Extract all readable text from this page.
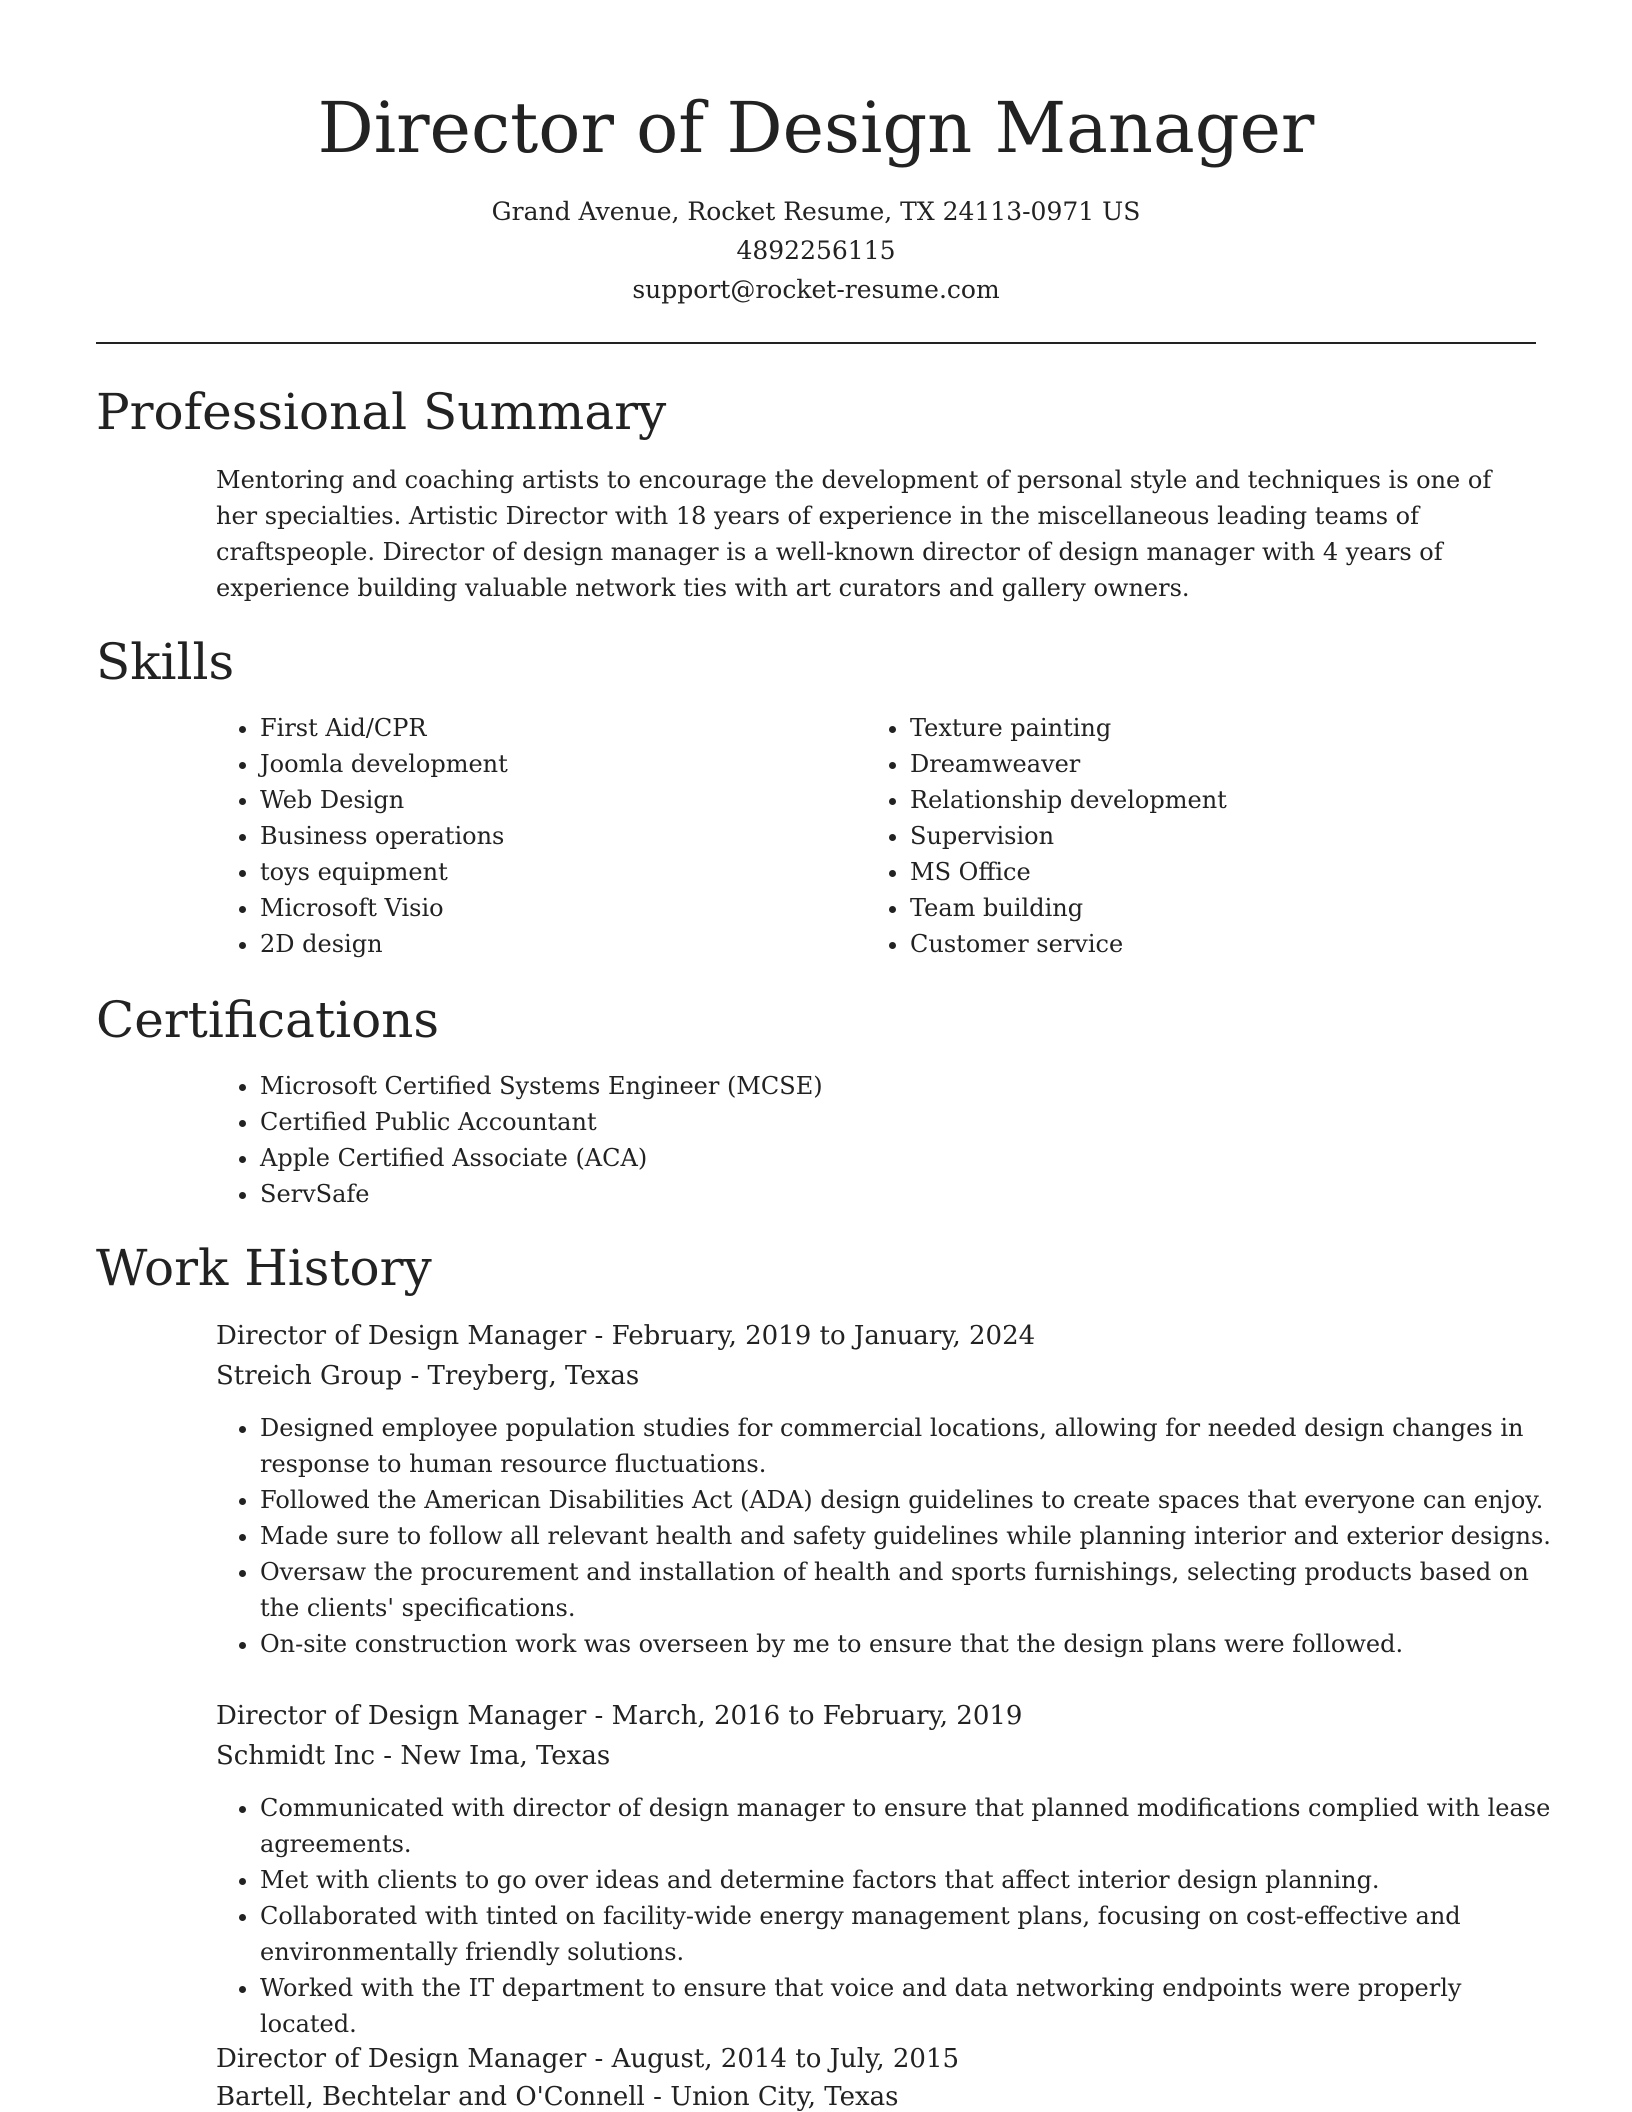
Director of Design Manager
Grand Avenue, Rocket Resume, TX 24113-0971 US
4892256115
support@rocket-resume.com
Professional Summary

Mentoring and coaching artists to encourage the development of personal style and techniques is one of her specialties. Artistic Director with 18 years of experience in the miscellaneous leading teams of craftspeople. Director of design manager is a well-known director of design manager with 4 years of experience building valuable network ties with art curators and gallery owners.

Skills
• First Aid/CPR
• Joomla development
• Web Design
• Business operations
• toys equipment
• Microsoft Visio
• 2D design
• Texture painting
• Dreamweaver
• Relationship development
• Supervision
• MS Office
• Team building
• Customer service
Certifications
• Microsoft Certified Systems Engineer (MCSE)
• Certified Public Accountant
• Apple Certified Associate (ACA)
• ServSafe
Work History
Director of Design Manager - February, 2019 to January, 2024
Streich Group - Treyberg, Texas
• Designed employee population studies for commercial locations, allowing for needed design changes in response to human resource fluctuations.
• Followed the American Disabilities Act (ADA) design guidelines to create spaces that everyone can enjoy.
• Made sure to follow all relevant health and safety guidelines while planning interior and exterior designs.
• Oversaw the procurement and installation of health and sports furnishings, selecting products based on the clients' specifications.
• On-site construction work was overseen by me to ensure that the design plans were followed.
Director of Design Manager - March, 2016 to February, 2019
Schmidt Inc - New Ima, Texas
• Communicated with director of design manager to ensure that planned modifications complied with lease agreements.
• Met with clients to go over ideas and determine factors that affect interior design planning.
• Collaborated with tinted on facility-wide energy management plans, focusing on cost-effective and environmentally friendly solutions.
• Worked with the IT department to ensure that voice and data networking endpoints were properly located.
Director of Design Manager - August, 2014 to July, 2015
Bartell, Bechtelar and O'Connell - Union City, Texas
